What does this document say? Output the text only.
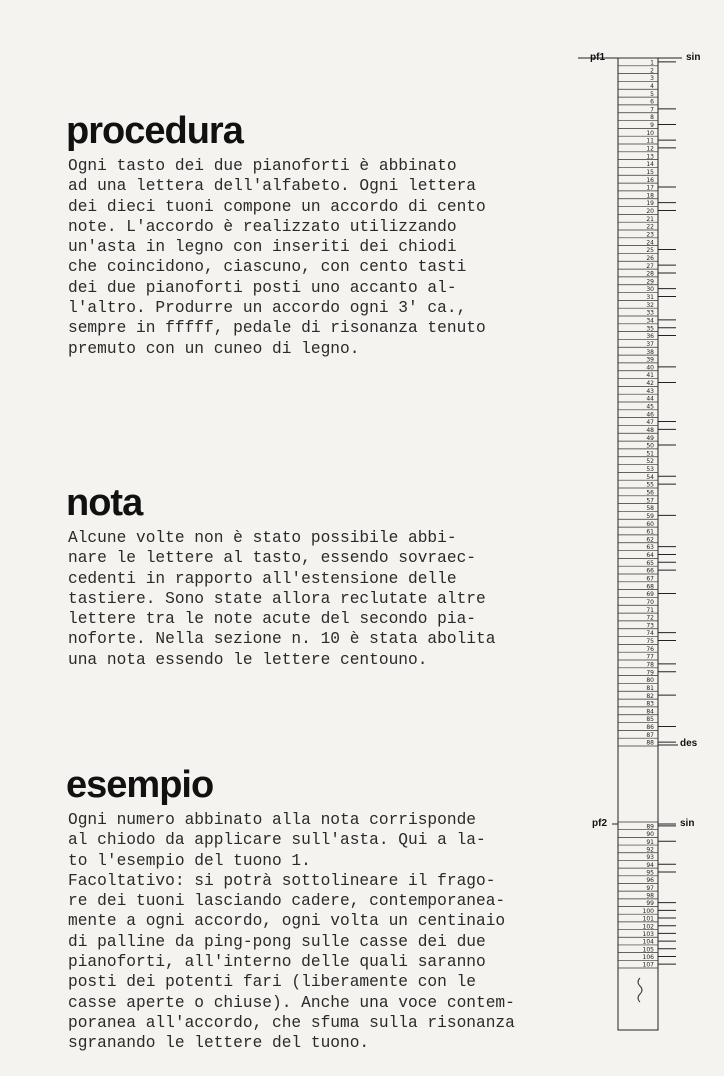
procedura
Ogni tasto dei due pianoforti è abbinato
ad una lettera dell'alfabeto. Ogni lettera
dei dieci tuoni compone un accordo di cento
note. L'accordo è realizzato utilizzando
un'asta in legno con inseriti dei chiodi
che coincidono, ciascuno, con cento tasti
dei due pianoforti posti uno accanto al-
l'altro. Produrre un accordo ogni 3' ca.,
sempre in fffff, pedale di risonanza tenuto
premuto con un cuneo di legno.
nota
Alcune volte non è stato possibile abbi-
nare le lettere al tasto, essendo sovraec-
cedenti in rapporto all'estensione delle
tastiere. Sono state allora reclutate altre
lettere tra le note acute del secondo pia-
noforte. Nella sezione n. 10 è stata abolita
una nota essendo le lettere centouno.
esempio
Ogni numero abbinato alla nota corrisponde
al chiodo da applicare sull'asta. Qui a la-
to l'esempio del tuono 1.
Facoltativo: si potrà sottolineare il frago-
re dei tuoni lasciando cadere, contemporanea-
mente a ogni accordo, ogni volta un centinaio
di palline da ping-pong sulle casse dei due
pianoforti, all'interno delle quali saranno
posti dei potenti fari (liberamente con le
casse aperte o chiuse). Anche una voce contem-
poranea all'accordo, che sfuma sulla risonanza
sgranando le lettere del tuono.
1
2
3
4
5
6
7
8
9
10
11
12
13
14
15
16
17
18
19
20
21
22
23
24
25
26
27
28
29
30
31
32
33
34
35
36
37
38
39
40
41
42
43
44
45
46
47
48
49
50
51
52
53
54
55
56
57
58
59
60
61
62
63
64
65
66
67
68
69
70
71
72
73
74
75
76
77
78
79
80
81
82
83
84
85
86
87
88
89
90
91
92
93
94
95
96
97
98
99
100
101
102
103
104
105
106
107
pf1	sin
des
pf2	sin
